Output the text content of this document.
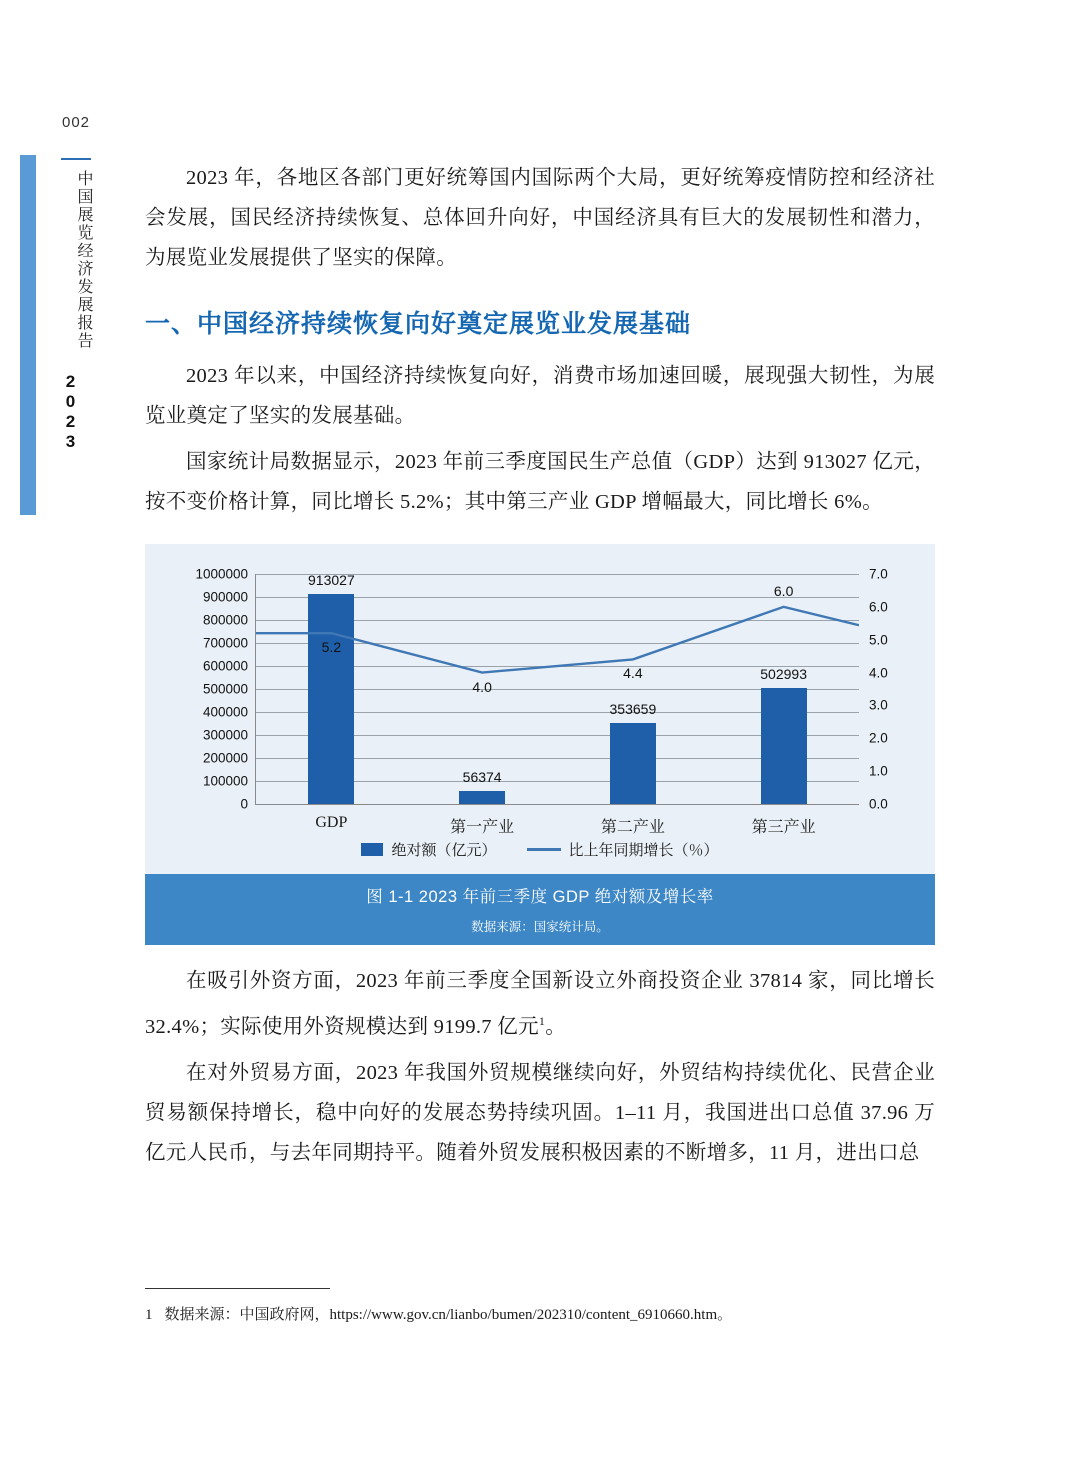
002
中国展览经济发展报告
2023

2023 年，各地区各部门更好统筹国内国际两个大局，更好统筹疫情防控和经济社会发展，国民经济持续恢复、总体回升向好，中国经济具有巨大的发展韧性和潜力，为展览业发展提供了坚实的保障。

一、中国经济持续恢复向好奠定展览业发展基础

2023 年以来，中国经济持续恢复向好，消费市场加速回暖，展现强大韧性，为展览业奠定了坚实的发展基础。

国家统计局数据显示，2023 年前三季度国民生产总值（GDP）达到 913027 亿元，按不变价格计算，同比增长 5.2%；其中第三产业 GDP 增幅最大，同比增长 6%。

0
100000
200000
300000
400000
500000
600000
700000
800000
900000
1000000
0.0
1.0
2.0
3.0
4.0
5.0
6.0
7.0
913027
GDP
5.2
56374
第一产业
4.0
353659
第二产业
4.4	502993
第三产业
6.0
绝对额（亿元）	比上年同期增长（％）
图 1-1 2023 年前三季度 GDP 绝对额及增长率
数据来源：国家统计局。

在吸引外资方面，2023 年前三季度全国新设立外商投资企业 37814 家，同比增长 32.4%；实际使用外资规模达到 9199.7 亿元$^1$。

在对外贸易方面，2023 年我国外贸规模继续向好，外贸结构持续优化、民营企业贸易额保持增长，稳中向好的发展态势持续巩固。1–11 月，我国进出口总值 37.96 万亿元人民币，与去年同期持平。随着外贸发展积极因素的不断增多，11 月，进出口总

1 数据来源：中国政府网，https://www.gov.cn/lianbo/bumen/202310/content_6910660.htm。
